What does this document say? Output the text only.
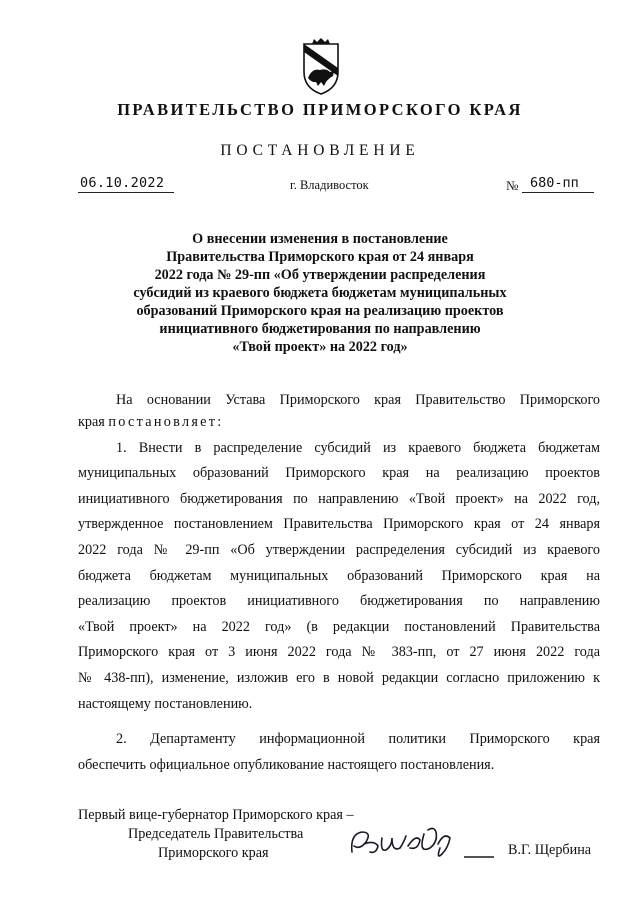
ПРАВИТЕЛЬСТВО ПРИМОРСКОГО КРАЯ
ПОСТАНОВЛЕНИЕ
06.10.2022	г. Владивосток	№ 680-пп
О внесении изменения в постановление
Правительства Приморского края от 24 января
2022 года № 29-пп «Об утверждении распределения
субсидий из краевого бюджета бюджетам муниципальных
образований Приморского края на реализацию проектов
инициативного бюджетирования по направлению
«Твой проект» на 2022 год»
На основании Устава Приморского края Правительство Приморского
края постановляет:
1. Внести в распределение субсидий из краевого бюджета бюджетам
муниципальных образований Приморского края на реализацию проектов
инициативного бюджетирования по направлению «Твой проект» на 2022 год,
утвержденное постановлением Правительства Приморского края от 24 января
2022 года № 29-пп «Об утверждении распределения субсидий из краевого
бюджета бюджетам муниципальных образований Приморского края на
реализацию проектов инициативного бюджетирования по направлению
«Твой проект» на 2022 год» (в редакции постановлений Правительства
Приморского края от 3 июня 2022 года № 383-пп, от 27 июня 2022 года
№ 438-пп), изменение, изложив его в новой редакции согласно приложению к
настоящему постановлению.
2. Департаменту информационной политики Приморского края
обеспечить официальное опубликование настоящего постановления.
Первый вице-губернатор Приморского края –
Председатель Правительства
Приморского края	В.Г. Щербина
